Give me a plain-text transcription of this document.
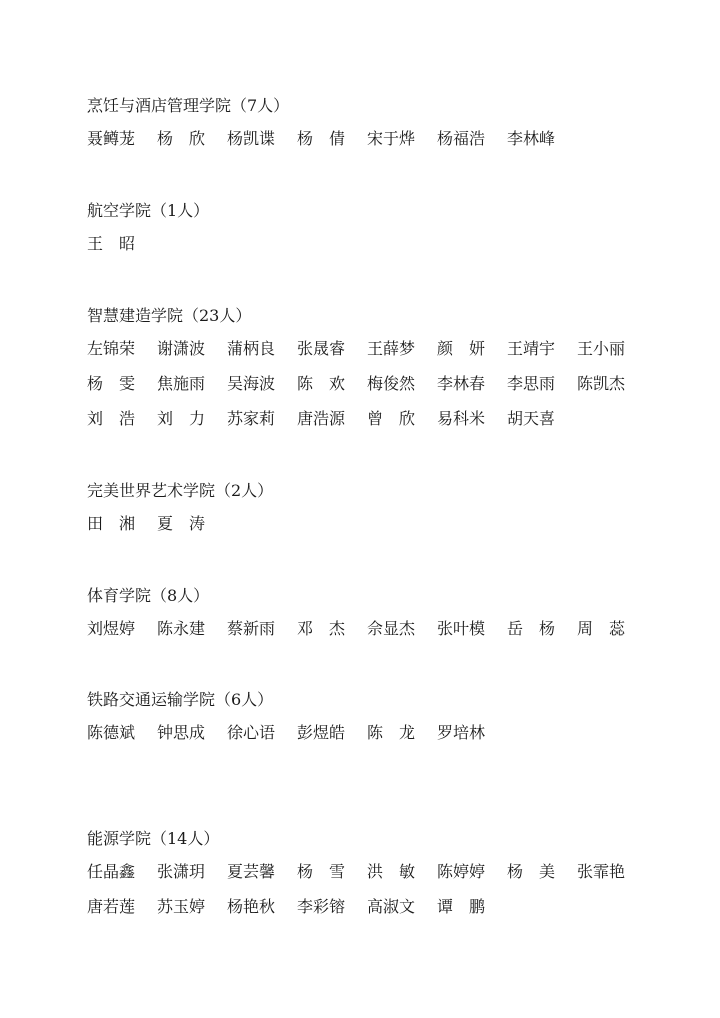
烹饪与酒店管理学院（7人）
聂鳟茏	杨　欣	杨凯谍	杨　倩	宋于烨	杨福浩	李林峰
航空学院（1人）
王　昭
智慧建造学院（23人）
左锦荣	谢潇波	蒲柄良	张晟睿	王薛梦	颜　妍	王靖宇	王小丽
杨　雯	焦施雨	吴海波	陈　欢	梅俊然	李林春	李思雨	陈凯杰
刘　浩	刘　力	苏家莉	唐浩源	曾　欣	易科米	胡天喜
完美世界艺术学院（2人）
田　湘	夏　涛
体育学院（8人）
刘煜婷	陈永建	蔡新雨	邓　杰	佘显杰	张叶模	岳　杨	周　蕊
铁路交通运输学院（6人）
陈德斌	钟思成	徐心语	彭煜皓	陈　龙	罗培林
能源学院（14人）
任晶鑫	张潇玥	夏芸馨	杨　雪	洪　敏	陈婷婷	杨　美	张霏艳
唐若莲	苏玉婷	杨艳秋	李彩镕	高淑文	谭　鹏
